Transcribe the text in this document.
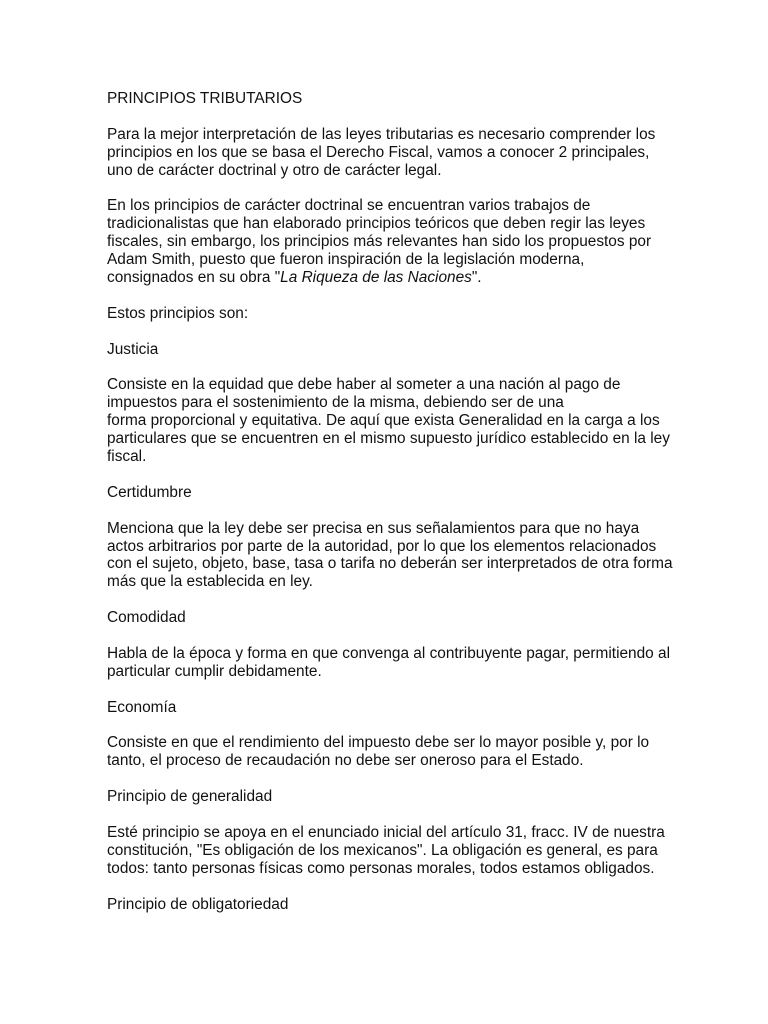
PRINCIPIOS TRIBUTARIOS

Para la mejor interpretación de las leyes tributarias es necesario comprender los
principios en los que se basa el Derecho Fiscal, vamos a conocer 2 principales,
uno de carácter doctrinal y otro de carácter legal.

En los principios de carácter doctrinal se encuentran varios trabajos de
tradicionalistas que han elaborado principios teóricos que deben regir las leyes
fiscales, sin embargo, los principios más relevantes han sido los propuestos por
Adam Smith, puesto que fueron inspiración de la legislación moderna,
consignados en su obra "La Riqueza de las Naciones".

Estos principios son:

Justicia

Consiste en la equidad que debe haber al someter a una nación al pago de
impuestos para el sostenimiento de la misma, debiendo ser de una
forma proporcional y equitativa. De aquí que exista Generalidad en la carga a los
particulares que se encuentren en el mismo supuesto jurídico establecido en la ley
fiscal.

Certidumbre

Menciona que la ley debe ser precisa en sus señalamientos para que no haya
actos arbitrarios por parte de la autoridad, por lo que los elementos relacionados
con el sujeto, objeto, base, tasa o tarifa no deberán ser interpretados de otra forma
más que la establecida en ley.

Comodidad

Habla de la época y forma en que convenga al contribuyente pagar, permitiendo al
particular cumplir debidamente.

Economía

Consiste en que el rendimiento del impuesto debe ser lo mayor posible y, por lo
tanto, el proceso de recaudación no debe ser oneroso para el Estado.

Principio de generalidad

Esté principio se apoya en el enunciado inicial del artículo 31, fracc. IV de nuestra
constitución, "Es obligación de los mexicanos". La obligación es general, es para
todos: tanto personas físicas como personas morales, todos estamos obligados.

Principio de obligatoriedad
